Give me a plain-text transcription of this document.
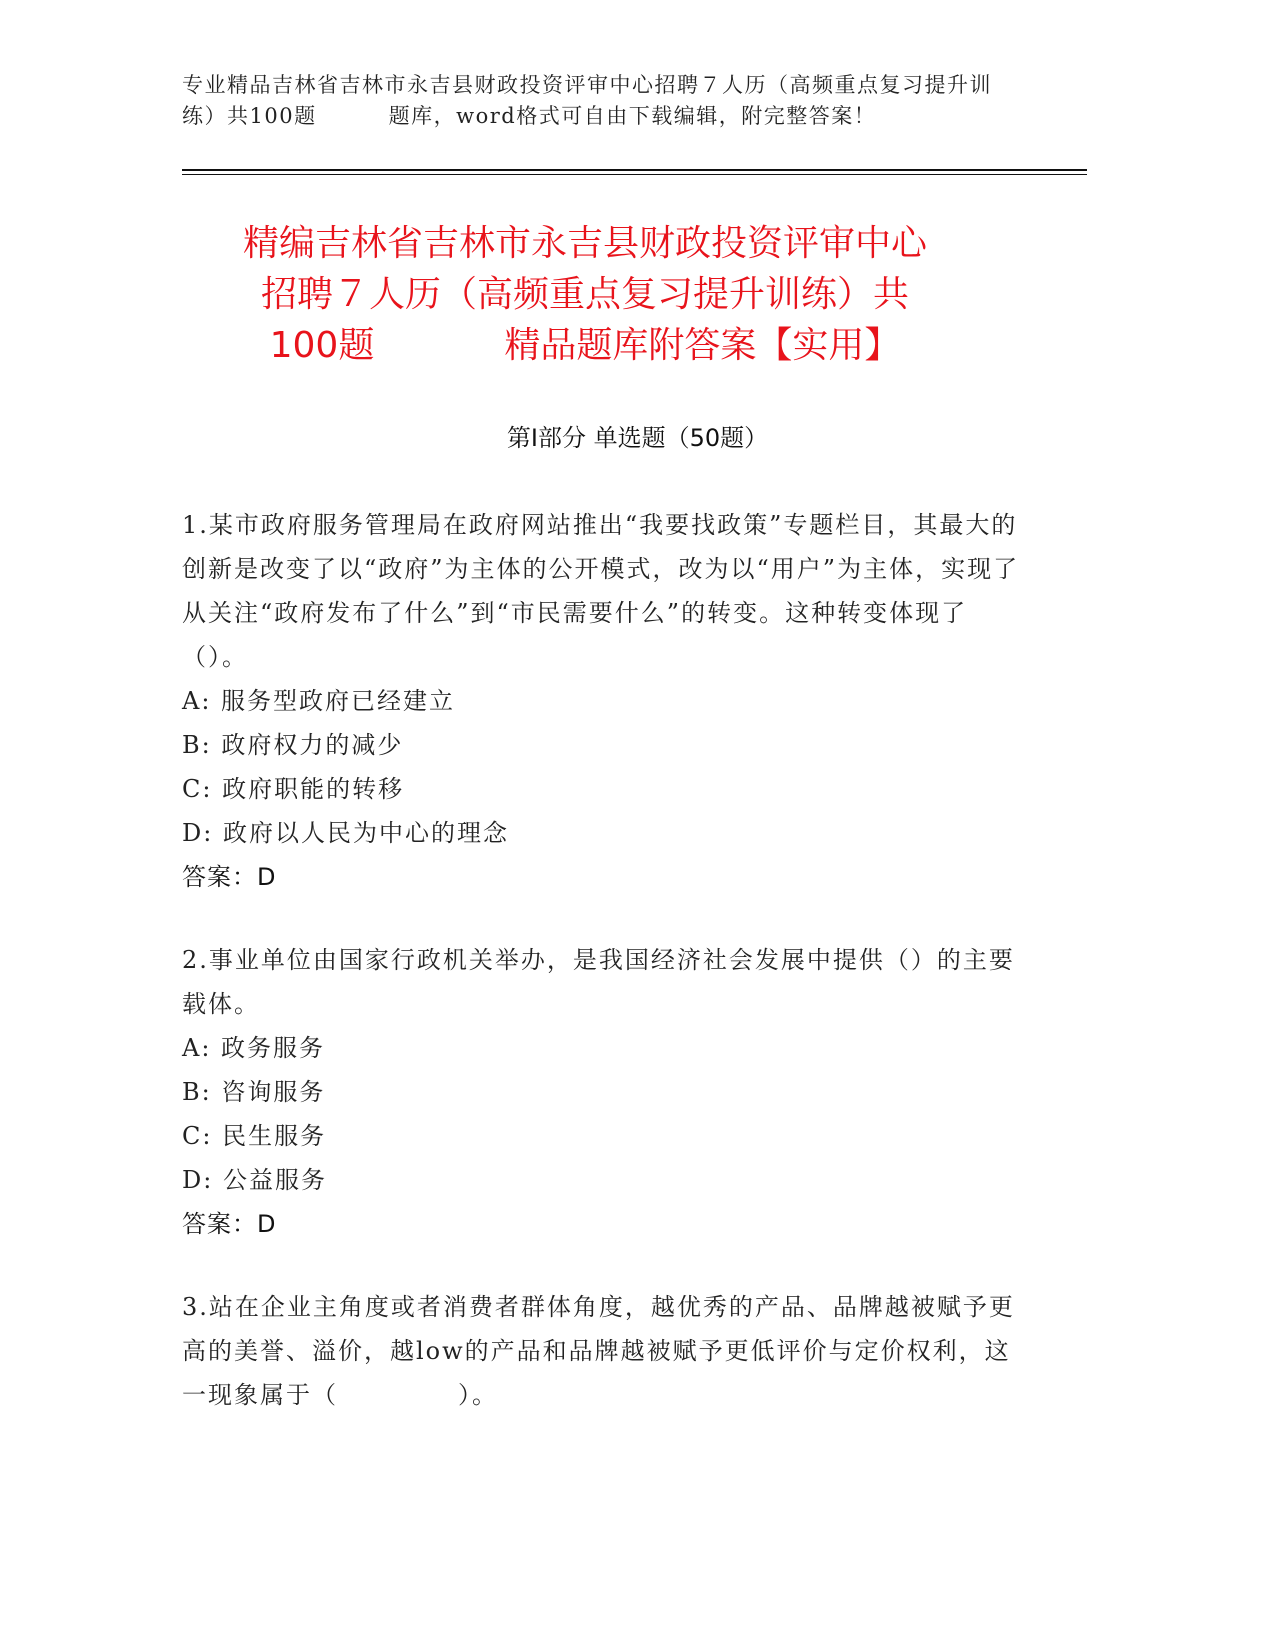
专业精品吉林省吉林市永吉县财政投资评审中心招聘７人历（高频重点复习提升训
练）共100题	题库，word格式可自由下载编辑，附完整答案！
精编吉林省吉林市永吉县财政投资评审中心
招聘７人历（高频重点复习提升训练）共
100题	精品题库附答案【实用】
第Ⅰ部分 单选题（50题）

1.某市政府服务管理局在政府网站推出“我要找政策”专题栏目，其最大的创新是改变了以“政府”为主体的公开模式，改为以“用户”为主体，实现了从关注“政府发布了什么”到“市民需要什么”的转变。这种转变体现了（）。

A: 服务型政府已经建立

B: 政府权力的减少

C: 政府职能的转移

D: 政府以人民为中心的理念

答案：D

2.事业单位由国家行政机关举办，是我国经济社会发展中提供（）的主要载体。

A: 政务服务

B: 咨询服务

C: 民生服务

D: 公益服务

答案：D

3.站在企业主角度或者消费者群体角度，越优秀的产品、品牌越被赋予更高的美誉、溢价，越low的产品和品牌越被赋予更低评价与定价权利，这一现象属于（	）。
